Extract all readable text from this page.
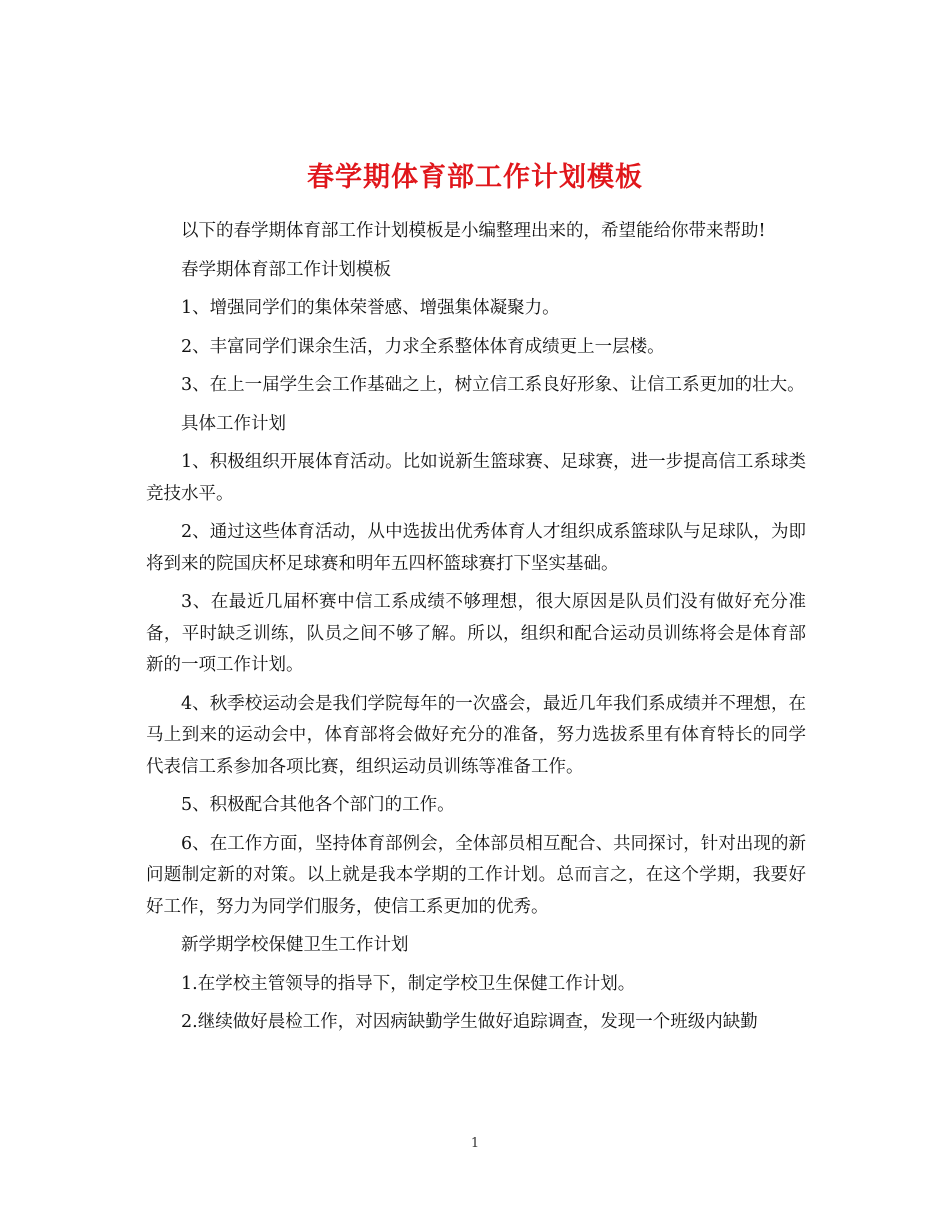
春学期体育部工作计划模板

以下的春学期体育部工作计划模板是小编整理出来的，希望能给你带来帮助!

春学期体育部工作计划模板

1、增强同学们的集体荣誉感、增强集体凝聚力。

2、丰富同学们课余生活，力求全系整体体育成绩更上一层楼。

3、在上一届学生会工作基础之上，树立信工系良好形象、让信工系更加的壮大。

具体工作计划

1、积极组织开展体育活动。比如说新生篮球赛、足球赛，进一步提高信工系球类竞技水平。

2、通过这些体育活动，从中选拔出优秀体育人才组织成系篮球队与足球队，为即将到来的院国庆杯足球赛和明年五四杯篮球赛打下坚实基础。

3、在最近几届杯赛中信工系成绩不够理想，很大原因是队员们没有做好充分准备，平时缺乏训练，队员之间不够了解。所以，组织和配合运动员训练将会是体育部新的一项工作计划。

4、秋季校运动会是我们学院每年的一次盛会，最近几年我们系成绩并不理想，在马上到来的运动会中，体育部将会做好充分的准备，努力选拔系里有体育特长的同学代表信工系参加各项比赛，组织运动员训练等准备工作。

5、积极配合其他各个部门的工作。

6、在工作方面，坚持体育部例会，全体部员相互配合、共同探讨，针对出现的新问题制定新的对策。以上就是我本学期的工作计划。总而言之，在这个学期，我要好好工作，努力为同学们服务，使信工系更加的优秀。

新学期学校保健卫生工作计划

1.在学校主管领导的指导下，制定学校卫生保健工作计划。

2.继续做好晨检工作，对因病缺勤学生做好追踪调查，发现一个班级内缺勤

1
